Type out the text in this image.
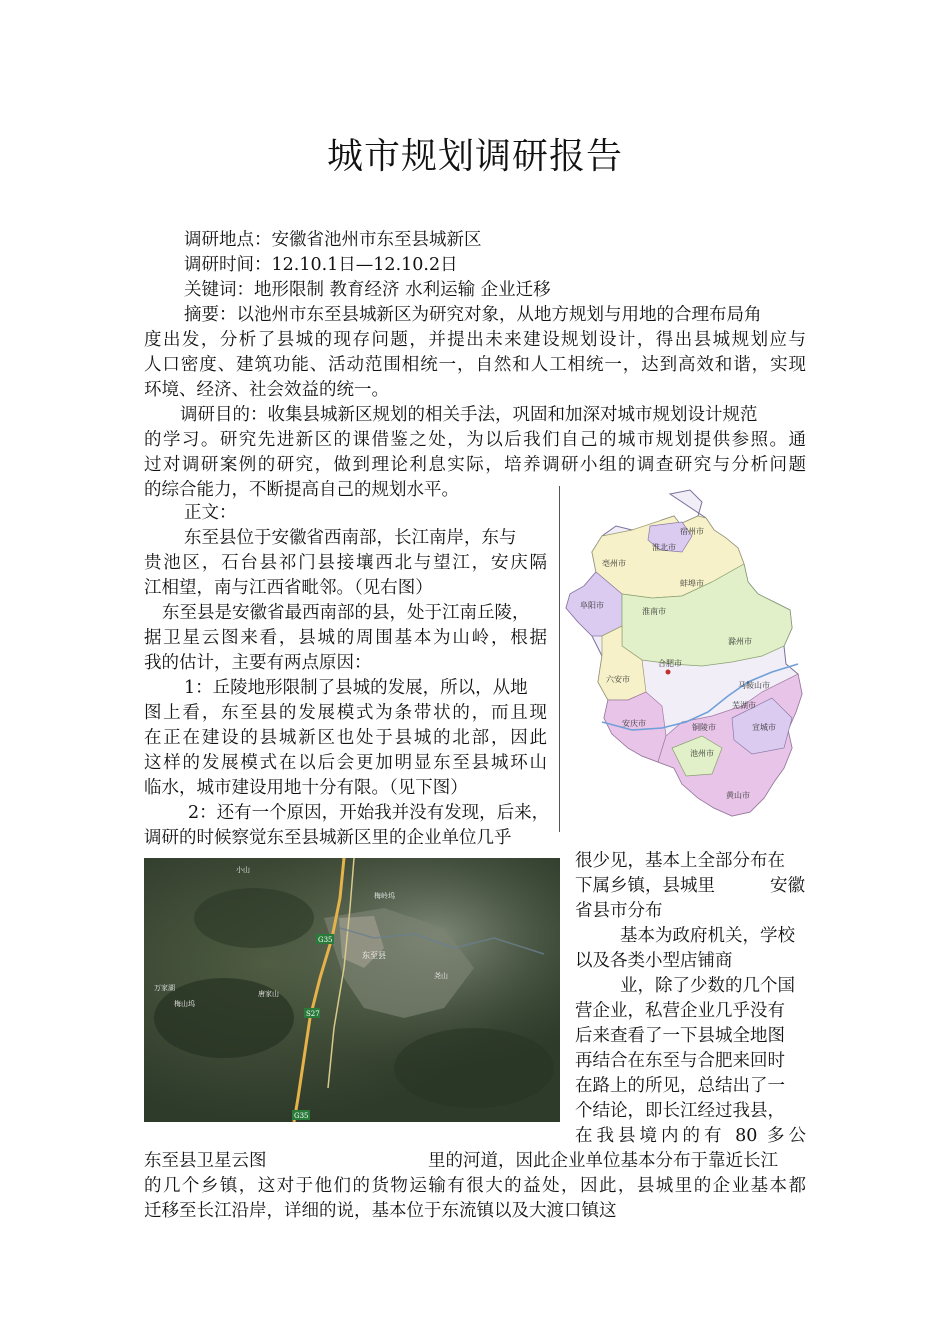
城市规划调研报告
调研地点：安徽省池州市东至县城新区
调研时间：12.10.1日—12.10.2日
关键词：地形限制 教育经济 水利运输 企业迁移
摘要：以池州市东至县城新区为研究对象，从地方规划与用地的合理布局角
度出发，分析了县城的现存问题，并提出未来建设规划设计，得出县城规划应与
人口密度、建筑功能、活动范围相统一，自然和人工相统一，达到高效和谐，实现
环境、经济、社会效益的统一。
调研目的：收集县城新区规划的相关手法，巩固和加深对城市规划设计规范
的学习。研究先进新区的课借鉴之处，为以后我们自己的城市规划提供参照。通
过对调研案例的研究，做到理论利息实际，培养调研小组的调查研究与分析问题
的综合能力，不断提高自己的规划水平。
正文：
东至县位于安徽省西南部，长江南岸，东与
贵池区，石台县祁门县接壤西北与望江，安庆隔
江相望，南与江西省毗邻。（见右图）
东至县是安徽省最西南部的县，处于江南丘陵，
据卫星云图来看，县城的周围基本为山岭，根据
我的估计，主要有两点原因：
1：丘陵地形限制了县城的发展，所以，从地
图上看，东至县的发展模式为条带状的，而且现
在正在建设的县城新区也处于县城的北部，因此
这样的发展模式在以后会更加明显东至县城环山
临水，城市建设用地十分有限。（见下图）
2：还有一个原因，开始我并没有发现，后来，
调研的时候察觉东至县城新区里的企业单位几乎
宿州市
淮北市
亳州市
阜阳市
蚌埠市
淮南市
滁州市
六安市
合肥市
马鞍山市
芜湖市
安庆市	铜陵市
池州市
宣城市
黄山市
G35
S27
G35
东至县
梅岭坞
尧山
小山
万家湖
梅山坞
唐家山
很少见，基本上全部分布在
下属乡镇，县城里	安徽
省县市分布
基本为政府机关，学校
以及各类小型店铺商
业，除了少数的几个国
营企业，私营企业几乎没有
后来查看了一下县城全地图
再结合在东至与合肥来回时
在路上的所见，总结出了一
个结论，即长江经过我县，
在我县境内的有 80 多公
东至县卫星云图	里的河道，因此企业单位基本分布于靠近长江
的几个乡镇，这对于他们的货物运输有很大的益处，因此，县城里的企业基本都
迁移至长江沿岸，详细的说，基本位于东流镇以及大渡口镇这
